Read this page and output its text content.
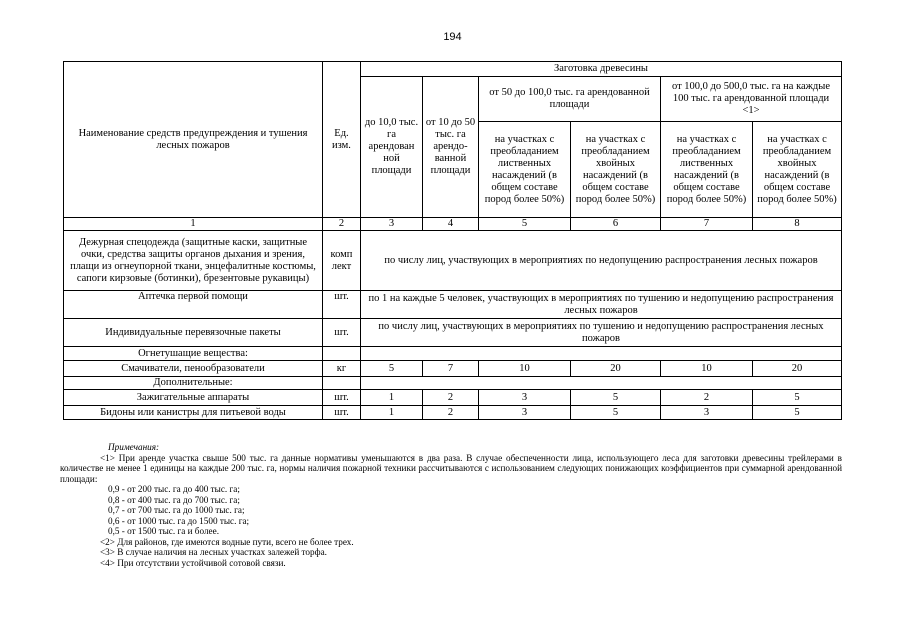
194
Наименование средств предупреждения и тушения лесных пожаров	Ед. изм.	Заготовка древесины					
		до 10,0 тыс. га арендован ной площади	от 10 до 50 тыс. га арендо- ванной площади	от 50 до 100,0 тыс. га арендованной площади		от 100,0 до 500,0 тыс. га на каждые 100 тыс. га арендованной площади <1>	
				на участках с преобладанием лиственных насаждений (в общем составе пород более 50%)	на участках с преобладанием хвойных насаждений (в общем составе пород более 50%)	на участках с преобладанием лиственных насаждений (в общем составе пород более 50%)	на участках с преобладанием хвойных насаждений (в общем составе пород более 50%)

1	2	3	4	5	6	7	8
Дежурная спецодежда (защитные каски, защитные очки, средства защиты органов дыхания и зрения, плащи из огнеупорной ткани, энцефалитные костюмы, сапоги кирзовые (ботинки), брезентовые рукавицы)	комп лект	по числу лиц, участвующих в мероприятиях по недопущению распространения лесных пожаров					
Аптечка первой помощи	шт.	по 1 на каждые 5 человек, участвующих в мероприятиях по тушению и недопущению распространения лесных пожаров					
Индивидуальные перевязочные пакеты	шт.	по числу лиц, участвующих в мероприятиях по тушению и недопущению распространения лесных пожаров					
Огнетушащие вещества:							
Смачиватели, пенообразователи	кг	5	7	10	20	10	20
Дополнительные:							
Зажигательные аппараты	шт.	1	2	3	5	2	5
Бидоны или канистры для питьевой воды	шт.	1	2	3	5	3	5

Примечания:

<1> При аренде участка свыше 500 тыс. га данные нормативы уменьшаются в два раза. В случае обеспеченности лица, использующего леса для заготовки древесины трейлерами в количестве не менее 1 единицы на каждые 200 тыс. га, нормы наличия пожарной техники рассчитываются с использованием следующих понижающих коэффициентов при суммарной арендованной площади:

0,9 - от 200 тыс. га до 400 тыс. га;

0,8 - от 400 тыс. га до 700 тыс. га;

0,7 - от 700 тыс. га до 1000 тыс. га;

0,6 - от 1000 тыс. га до 1500 тыс. га;

0,5 - от 1500 тыс. га и более.

<2> Для районов, где имеются водные пути, всего не более трех.

<3> В случае наличия на лесных участках залежей торфа.

<4> При отсутствии устойчивой сотовой связи.
